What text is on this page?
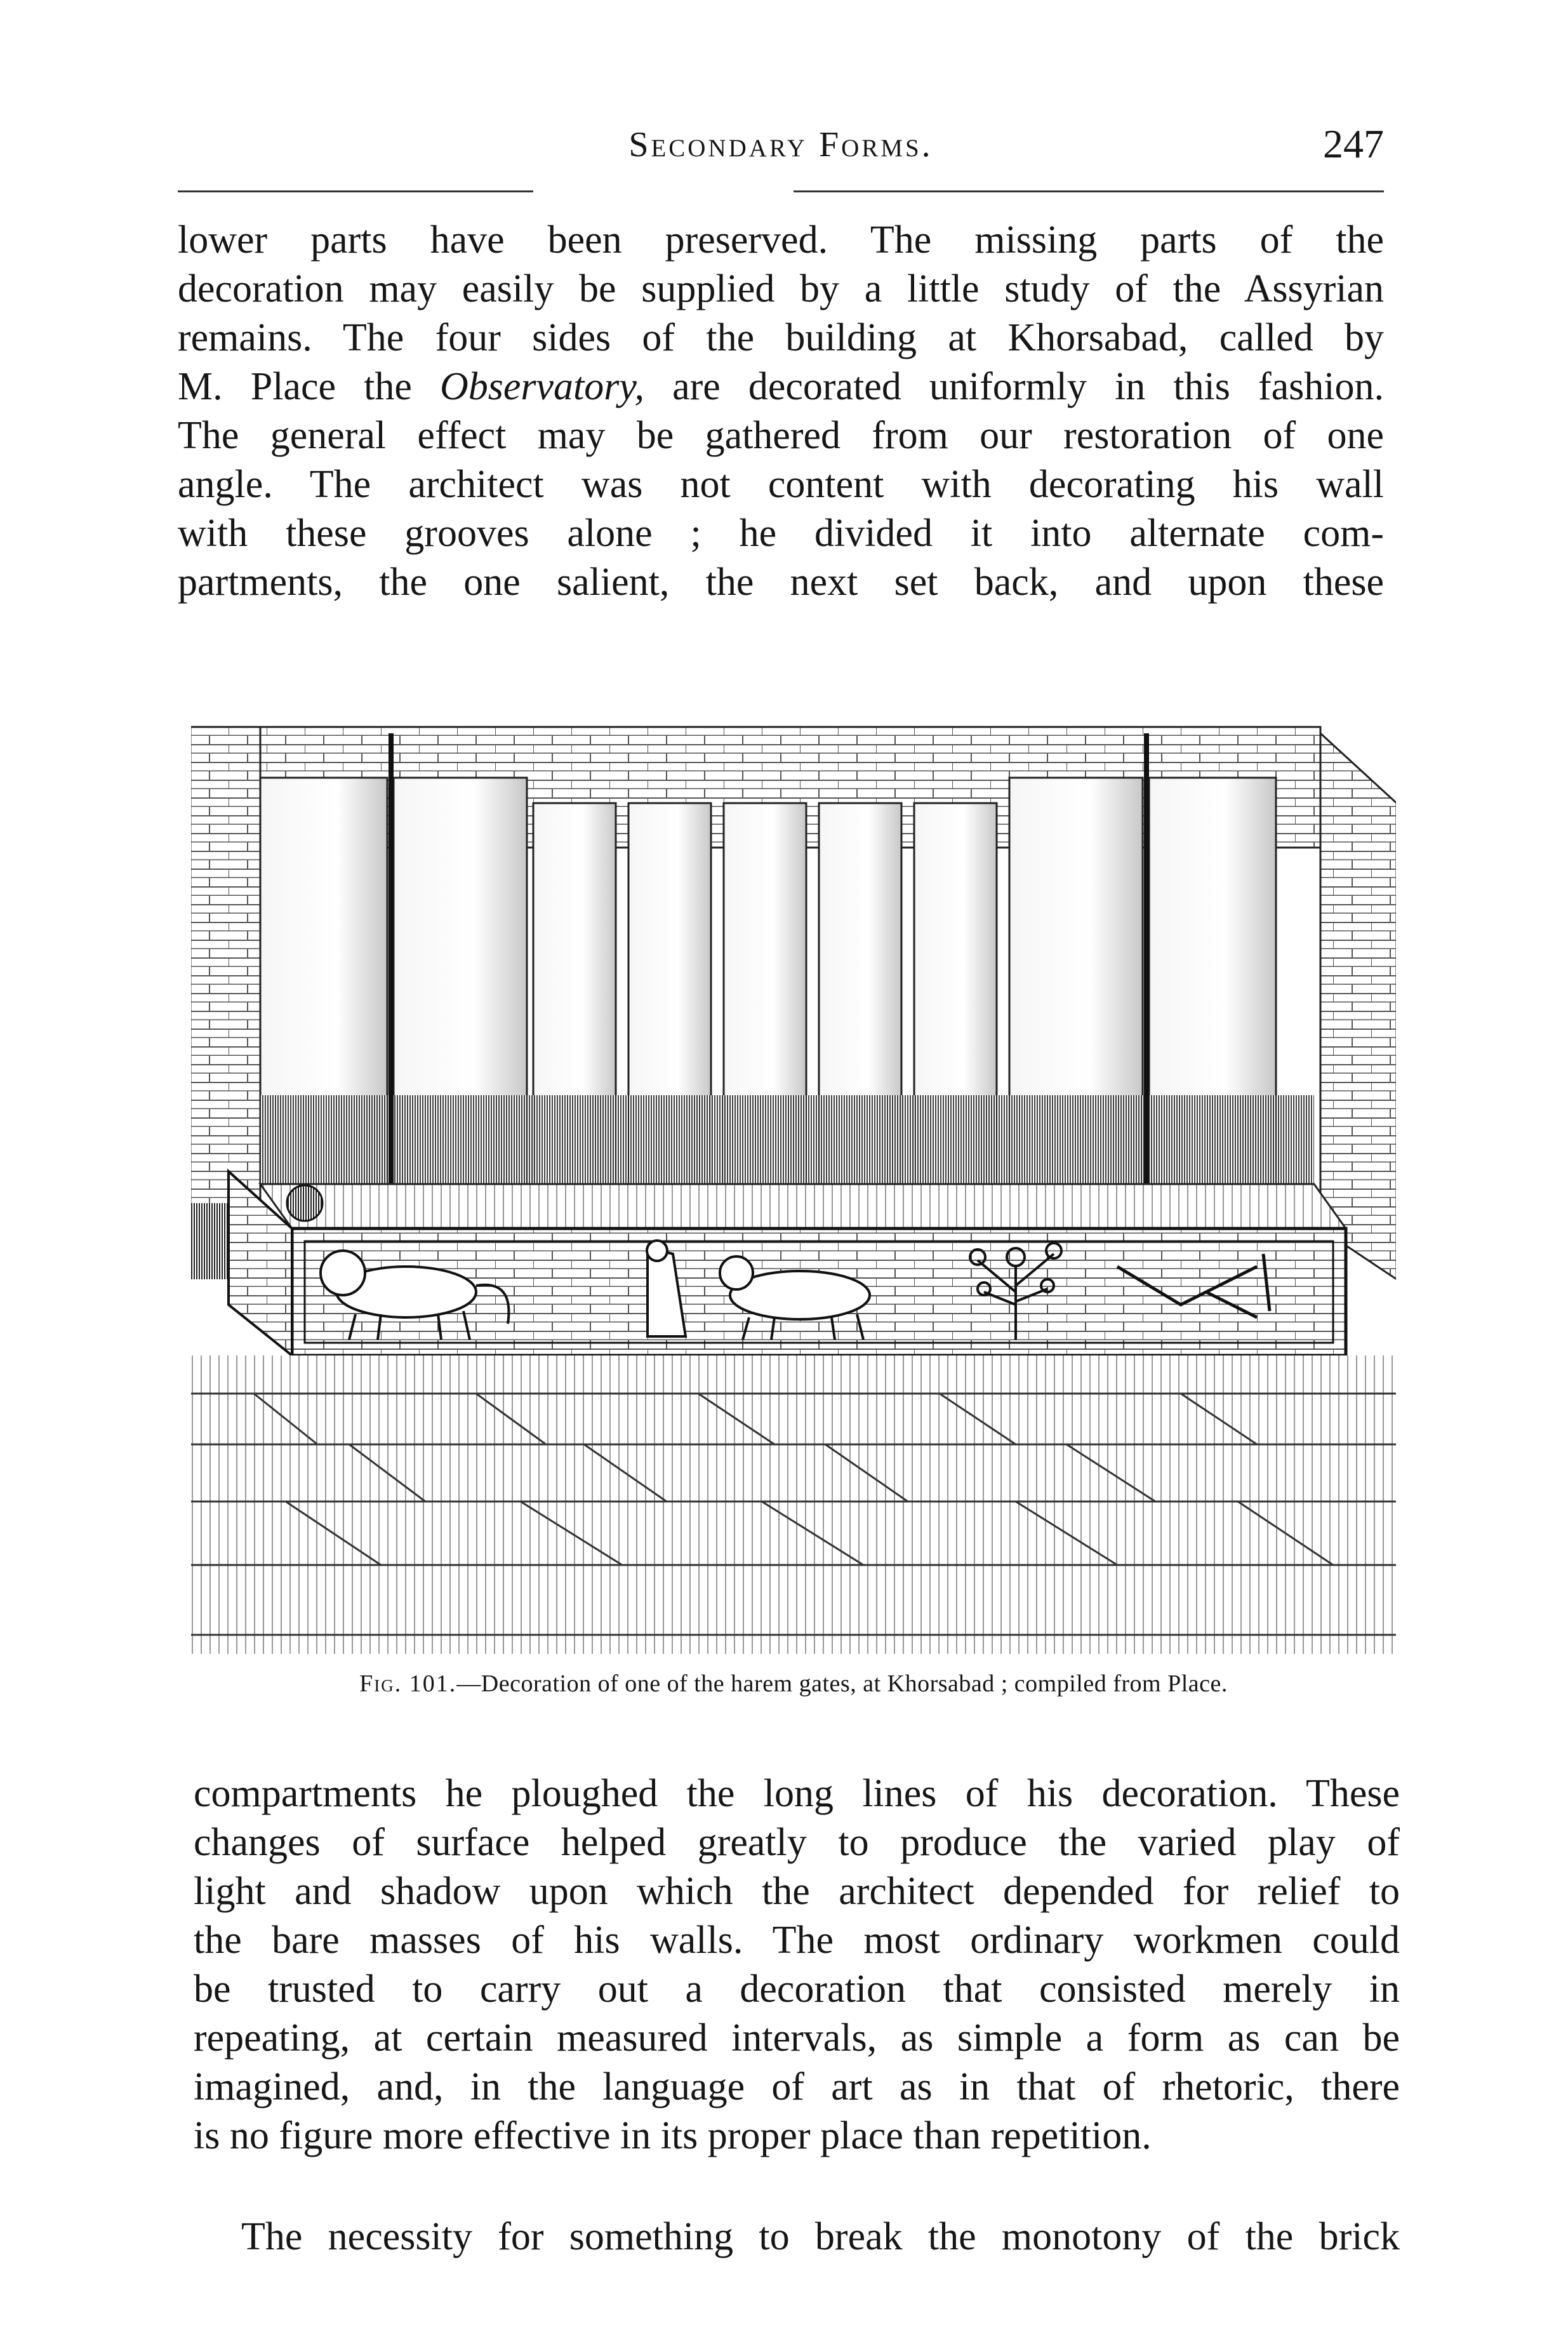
Secondary Forms.	247
lower parts have been preserved. The missing parts of the
decoration may easily be supplied by a little study of the Assyrian
remains. The four sides of the building at Khorsabad, called by
M. Place the Observatory, are decorated uniformly in this fashion.
The general effect may be gathered from our restoration of one
angle. The architect was not content with decorating his wall
with these grooves alone ; he divided it into alternate com-
partments, the one salient, the next set back, and upon these
Fig. 101.—Decoration of one of the harem gates, at Khorsabad ; compiled from Place.
compartments he ploughed the long lines of his decoration. These
changes of surface helped greatly to produce the varied play of
light and shadow upon which the architect depended for relief to
the bare masses of his walls. The most ordinary workmen could
be trusted to carry out a decoration that consisted merely in
repeating, at certain measured intervals, as simple a form as can be
imagined, and, in the language of art as in that of rhetoric, there
is no figure more effective in its proper place than repetition.
The necessity for something to break the monotony of the brick
